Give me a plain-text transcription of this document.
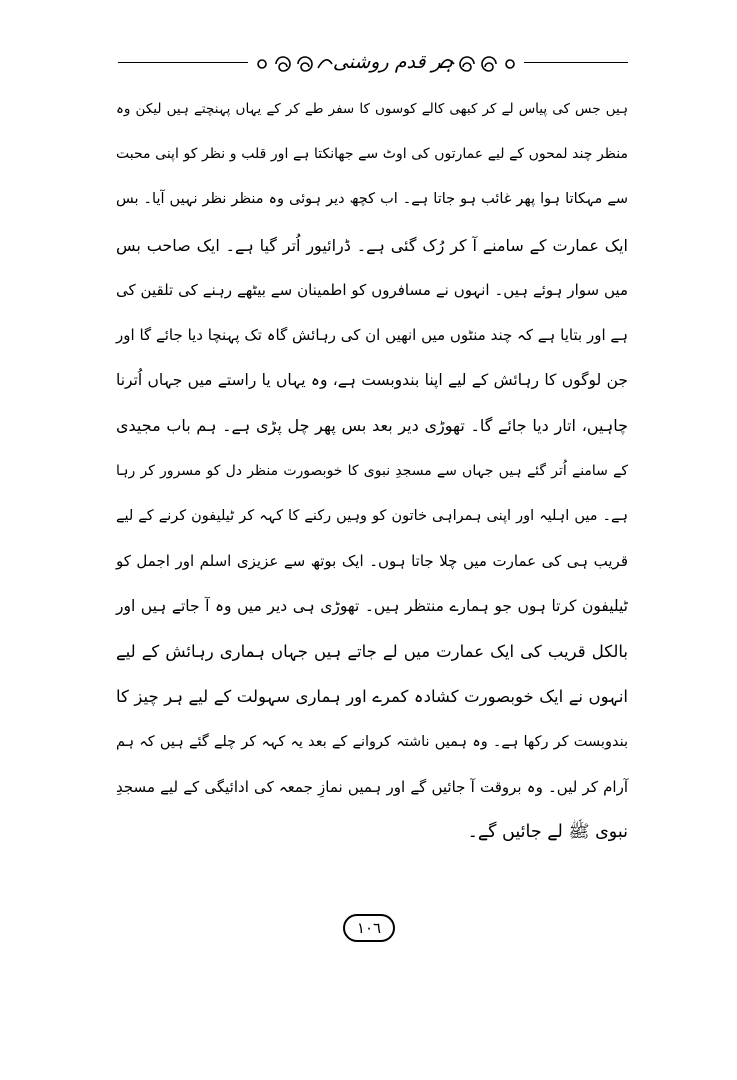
ہر قدم روشنی
ہیں جس کی پیاس لے کر کبھی کالے کوسوں کا سفر طے کر کے یہاں پہنچتے ہیں لیکن وہ
منظر چند لمحوں کے لیے عمارتوں کی اوٹ سے جھانکتا ہے اور قلب و نظر کو اپنی محبت
سے مہکاتا ہوا پھر غائب ہو جاتا ہے۔ اب کچھ دیر ہوئی وہ منظر نظر نہیں آیا۔ بس
ایک عمارت کے سامنے آ کر رُک گئی ہے۔ ڈرائیور اُتر گیا ہے۔ ایک صاحب بس
میں سوار ہوئے ہیں۔ انہوں نے مسافروں کو اطمینان سے بیٹھے رہنے کی تلقین کی
ہے اور بتایا ہے کہ چند منٹوں میں انھیں ان کی رہائش گاہ تک پہنچا دیا جائے گا اور
جن لوگوں کا رہائش کے لیے اپنا بندوبست ہے، وہ یہاں یا راستے میں جہاں اُترنا
چاہیں، اتار دیا جائے گا۔ تھوڑی دیر بعد بس پھر چل پڑی ہے۔ ہم باب مجیدی
کے سامنے اُتر گئے ہیں جہاں سے مسجدِ نبوی کا خوبصورت منظر دل کو مسرور کر رہا
ہے۔ میں اہلیہ اور اپنی ہمراہی خاتون کو وہیں رکنے کا کہہ کر ٹیلیفون کرنے کے لیے
قریب ہی کی عمارت میں چلا جاتا ہوں۔ ایک بوتھ سے عزیزی اسلم اور اجمل کو
ٹیلیفون کرتا ہوں جو ہمارے منتظر ہیں۔ تھوڑی ہی دیر میں وہ آ جاتے ہیں اور
بالکل قریب کی ایک عمارت میں لے جاتے ہیں جہاں ہماری رہائش کے لیے
انہوں نے ایک خوبصورت کشادہ کمرے اور ہماری سہولت کے لیے ہر چیز کا
بندوبست کر رکھا ہے۔ وہ ہمیں ناشتہ کروانے کے بعد یہ کہہ کر چلے گئے ہیں کہ ہم
آرام کر لیں۔ وہ بروقت آ جائیں گے اور ہمیں نمازِ جمعہ کی ادائیگی کے لیے مسجدِ
نبوی ﷺ لے جائیں گے۔
١٠٦
